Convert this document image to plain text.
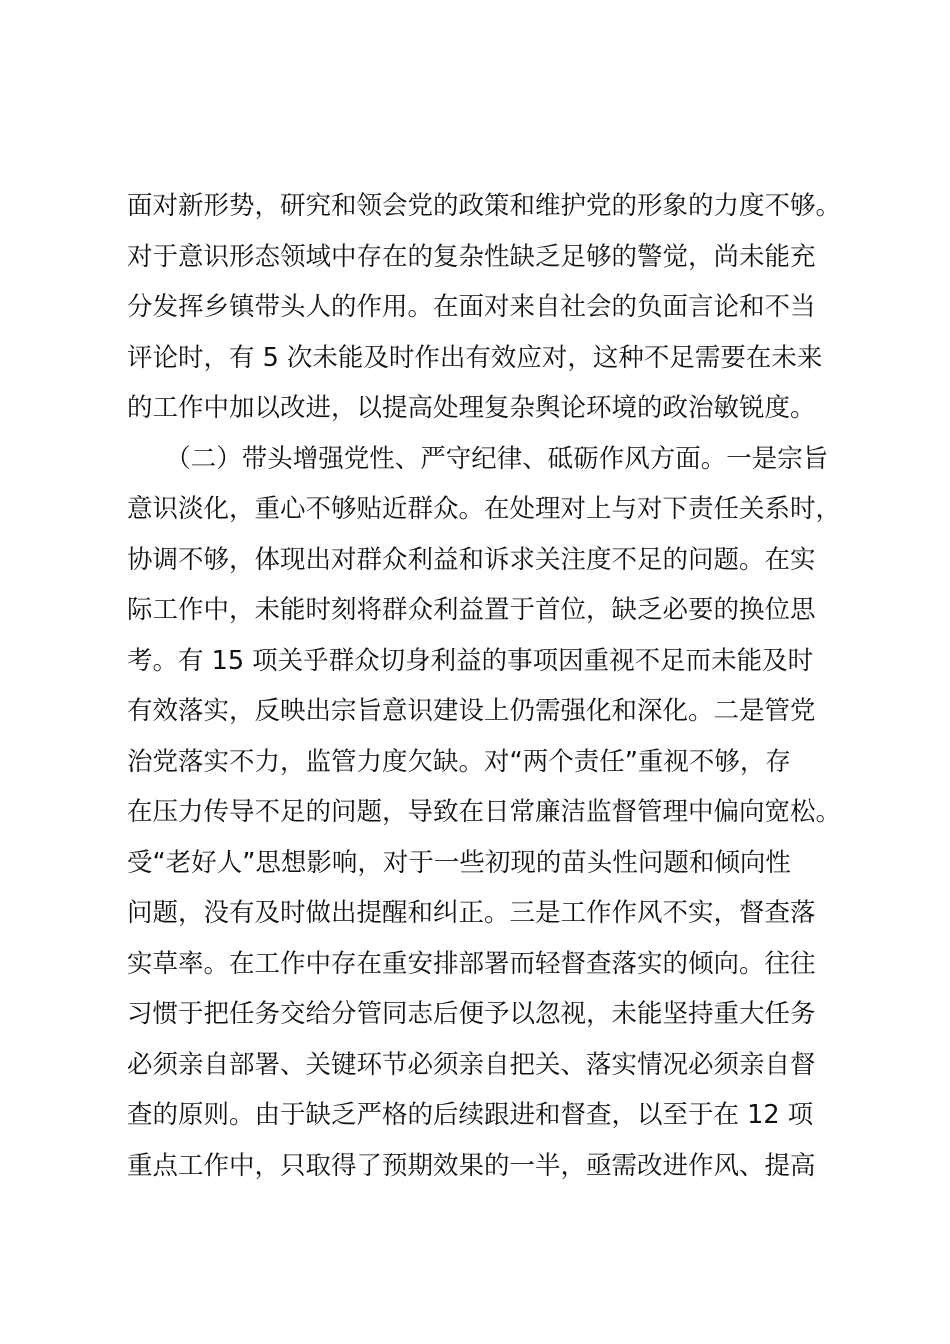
面对新形势，研究和领会党的政策和维护党的形象的力度不够。
对于意识形态领域中存在的复杂性缺乏足够的警觉，尚未能充
分发挥乡镇带头人的作用。在面对来自社会的负面言论和不当
评论时，有 5 次未能及时作出有效应对，这种不足需要在未来
的工作中加以改进，以提高处理复杂舆论环境的政治敏锐度。
　　（二）带头增强党性、严守纪律、砥砺作风方面。一是宗旨
意识淡化，重心不够贴近群众。在处理对上与对下责任关系时，
协调不够，体现出对群众利益和诉求关注度不足的问题。在实
际工作中，未能时刻将群众利益置于首位，缺乏必要的换位思
考。有 15 项关乎群众切身利益的事项因重视不足而未能及时
有效落实，反映出宗旨意识建设上仍需强化和深化。二是管党
治党落实不力，监管力度欠缺。对“两个责任”重视不够，存
在压力传导不足的问题，导致在日常廉洁监督管理中偏向宽松。
受“老好人”思想影响，对于一些初现的苗头性问题和倾向性
问题，没有及时做出提醒和纠正。三是工作作风不实，督查落
实草率。在工作中存在重安排部署而轻督查落实的倾向。往往
习惯于把任务交给分管同志后便予以忽视，未能坚持重大任务
必须亲自部署、关键环节必须亲自把关、落实情况必须亲自督
查的原则。由于缺乏严格的后续跟进和督查，以至于在 12 项
重点工作中，只取得了预期效果的一半，亟需改进作风、提高
